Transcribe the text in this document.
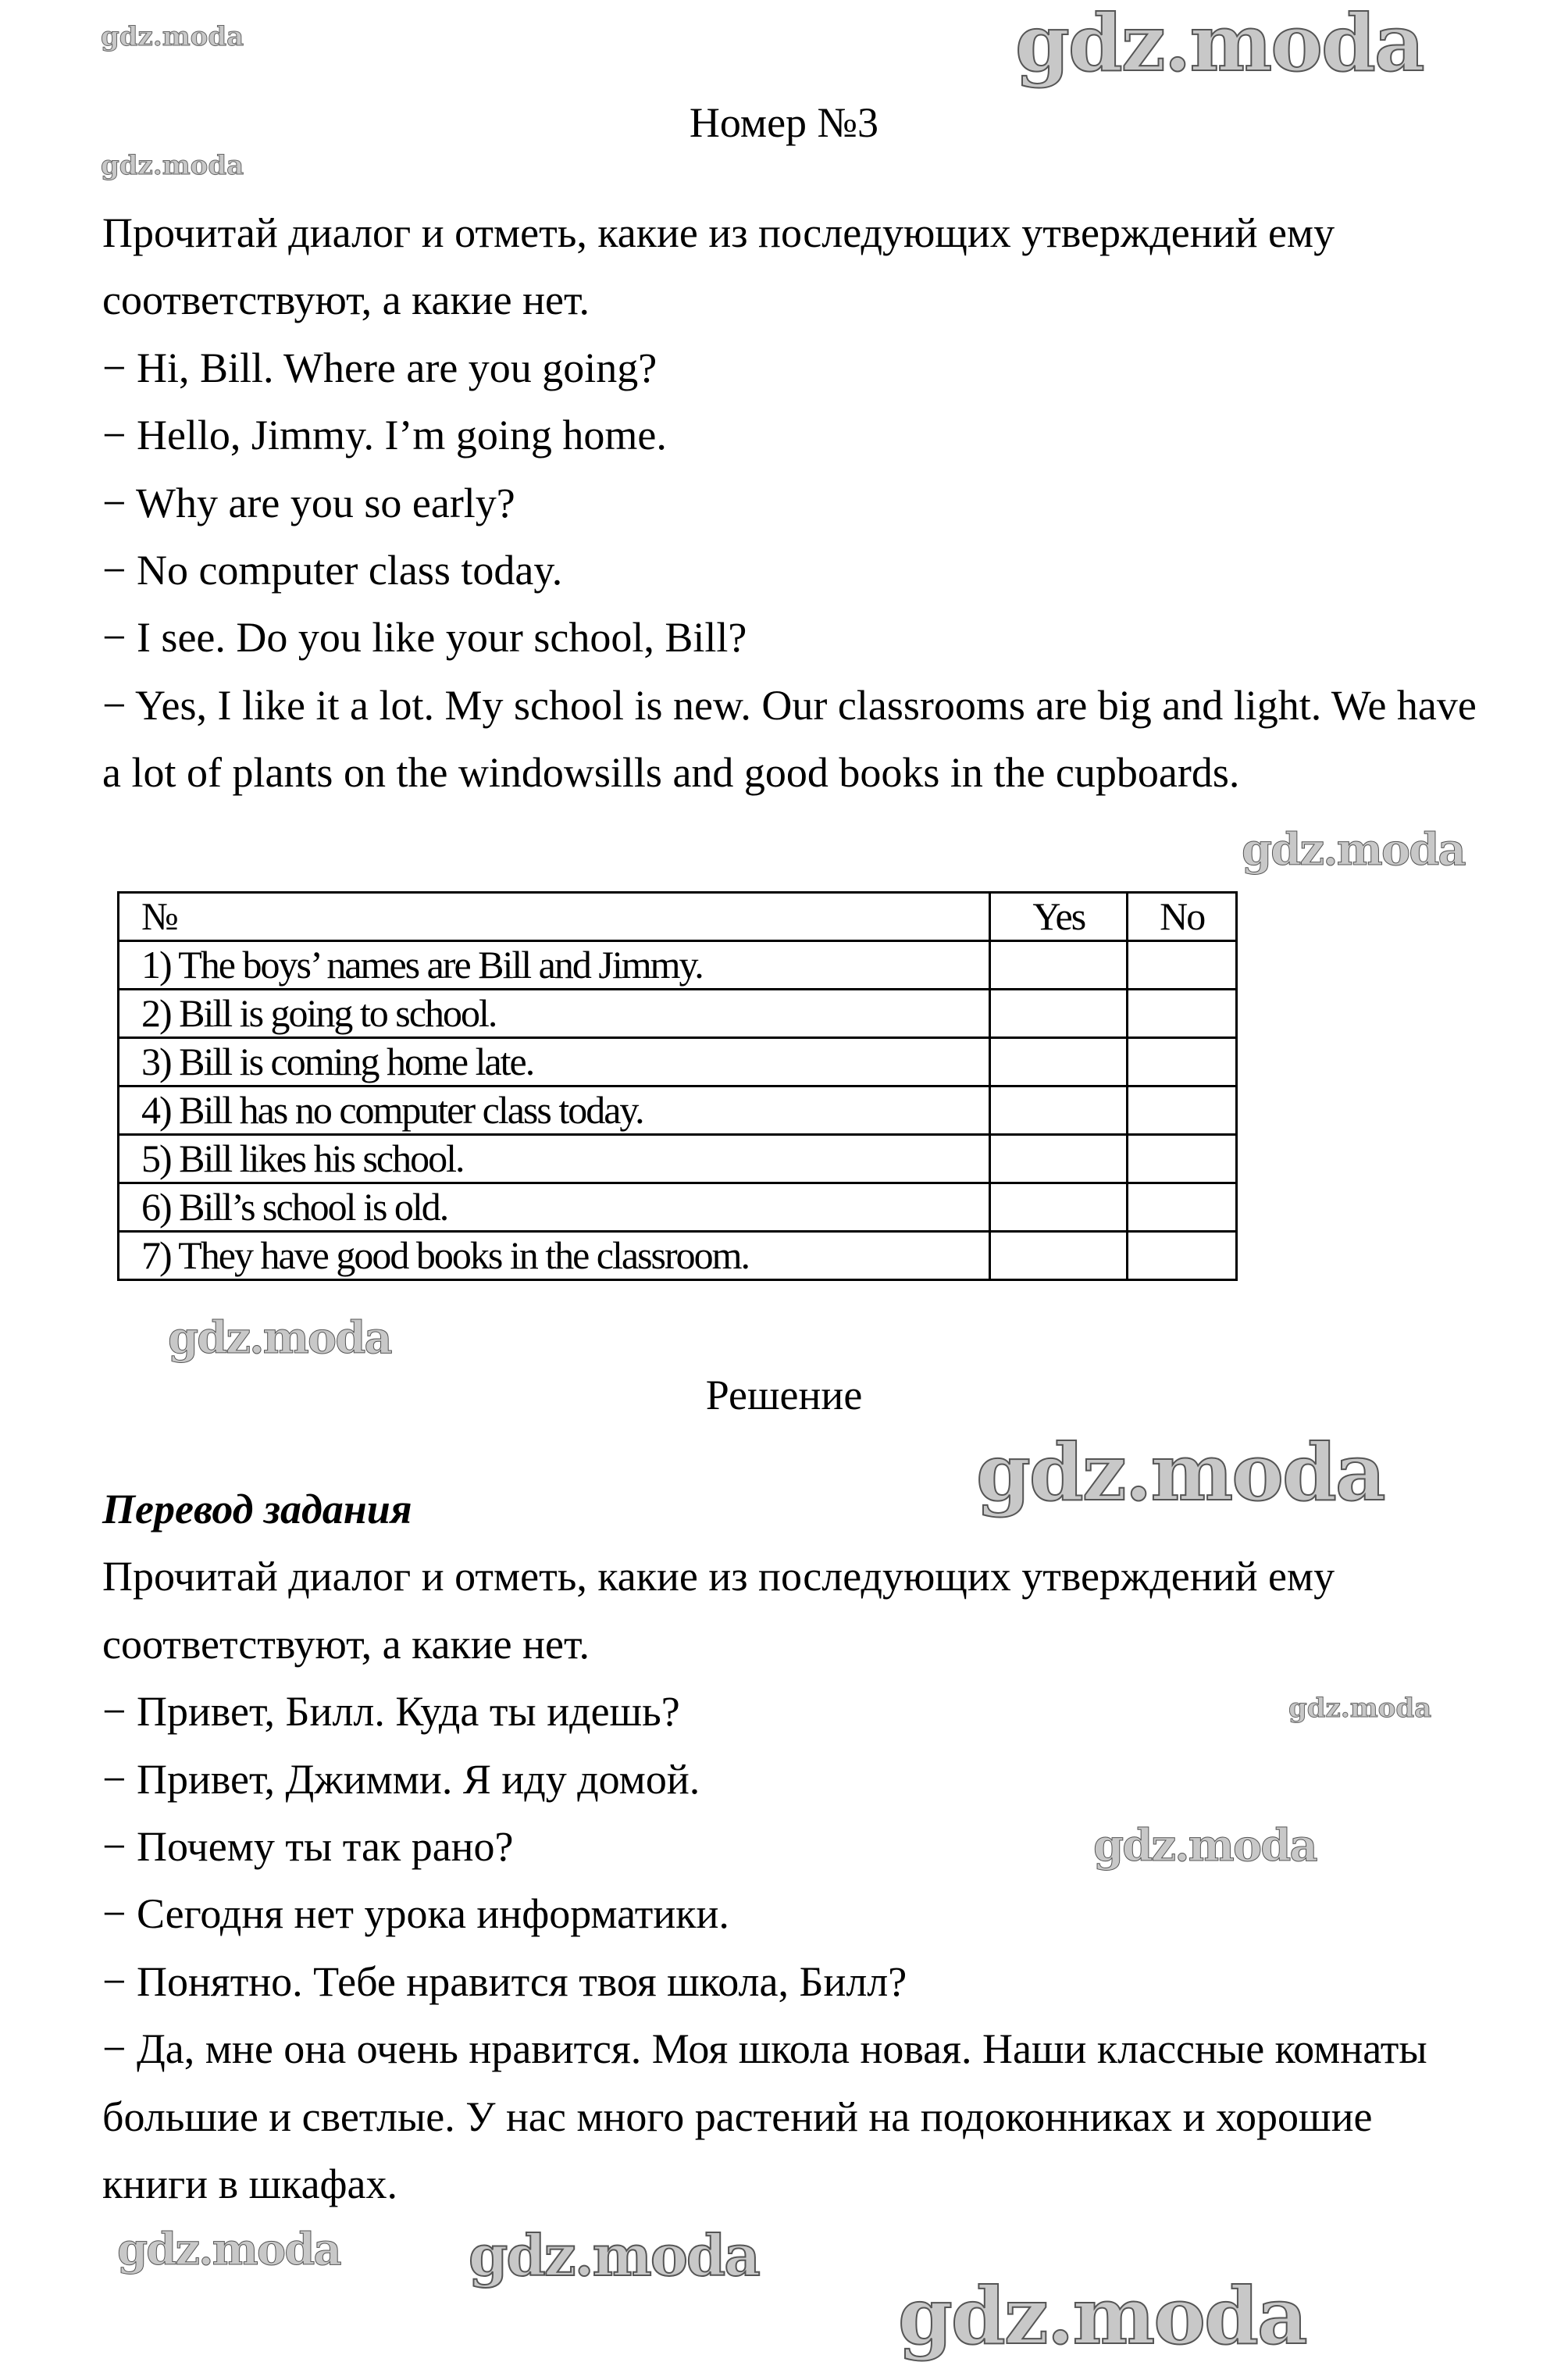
Номер №3

Прочитай диалог и отметь, какие из последующих утверждений ему соответствуют, а какие нет.

− Hi, Bill. Where are you going?

− Hello, Jimmy. I’m going home.

− Why are you so early?

− No computer class today.

− I see. Do you like your school, Bill?

− Yes, I like it a lot. My school is new. Our classrooms are big and light. We have a lot of plants on the windowsills and good books in the cupboards.

№	Yes	No
1) The boys’ names are Bill and Jimmy.		
2) Bill is going to school.		
3) Bill is coming home late.		
4) Bill has no computer class today.		
5) Bill likes his school.		
6) Bill’s school is old.		
7) They have good books in the classroom.		
Решение

Перевод задания

Прочитай диалог и отметь, какие из последующих утверждений ему соответствуют, а какие нет.

− Привет, Билл. Куда ты идешь?

− Привет, Джимми. Я иду домой.

− Почему ты так рано?

− Сегодня нет урока информатики.

− Понятно. Тебе нравится твоя школа, Билл?

− Да, мне она очень нравится. Моя школа новая. Наши классные комнаты большие и светлые. У нас много растений на подоконниках и хорошие книги в шкафах.

gdz.moda
gdz.moda	gdz.moda
gdz.moda
gdz.moda
gdz.moda
gdz.moda
gdz.moda
gdz.moda gdz.moda
gdz.moda
